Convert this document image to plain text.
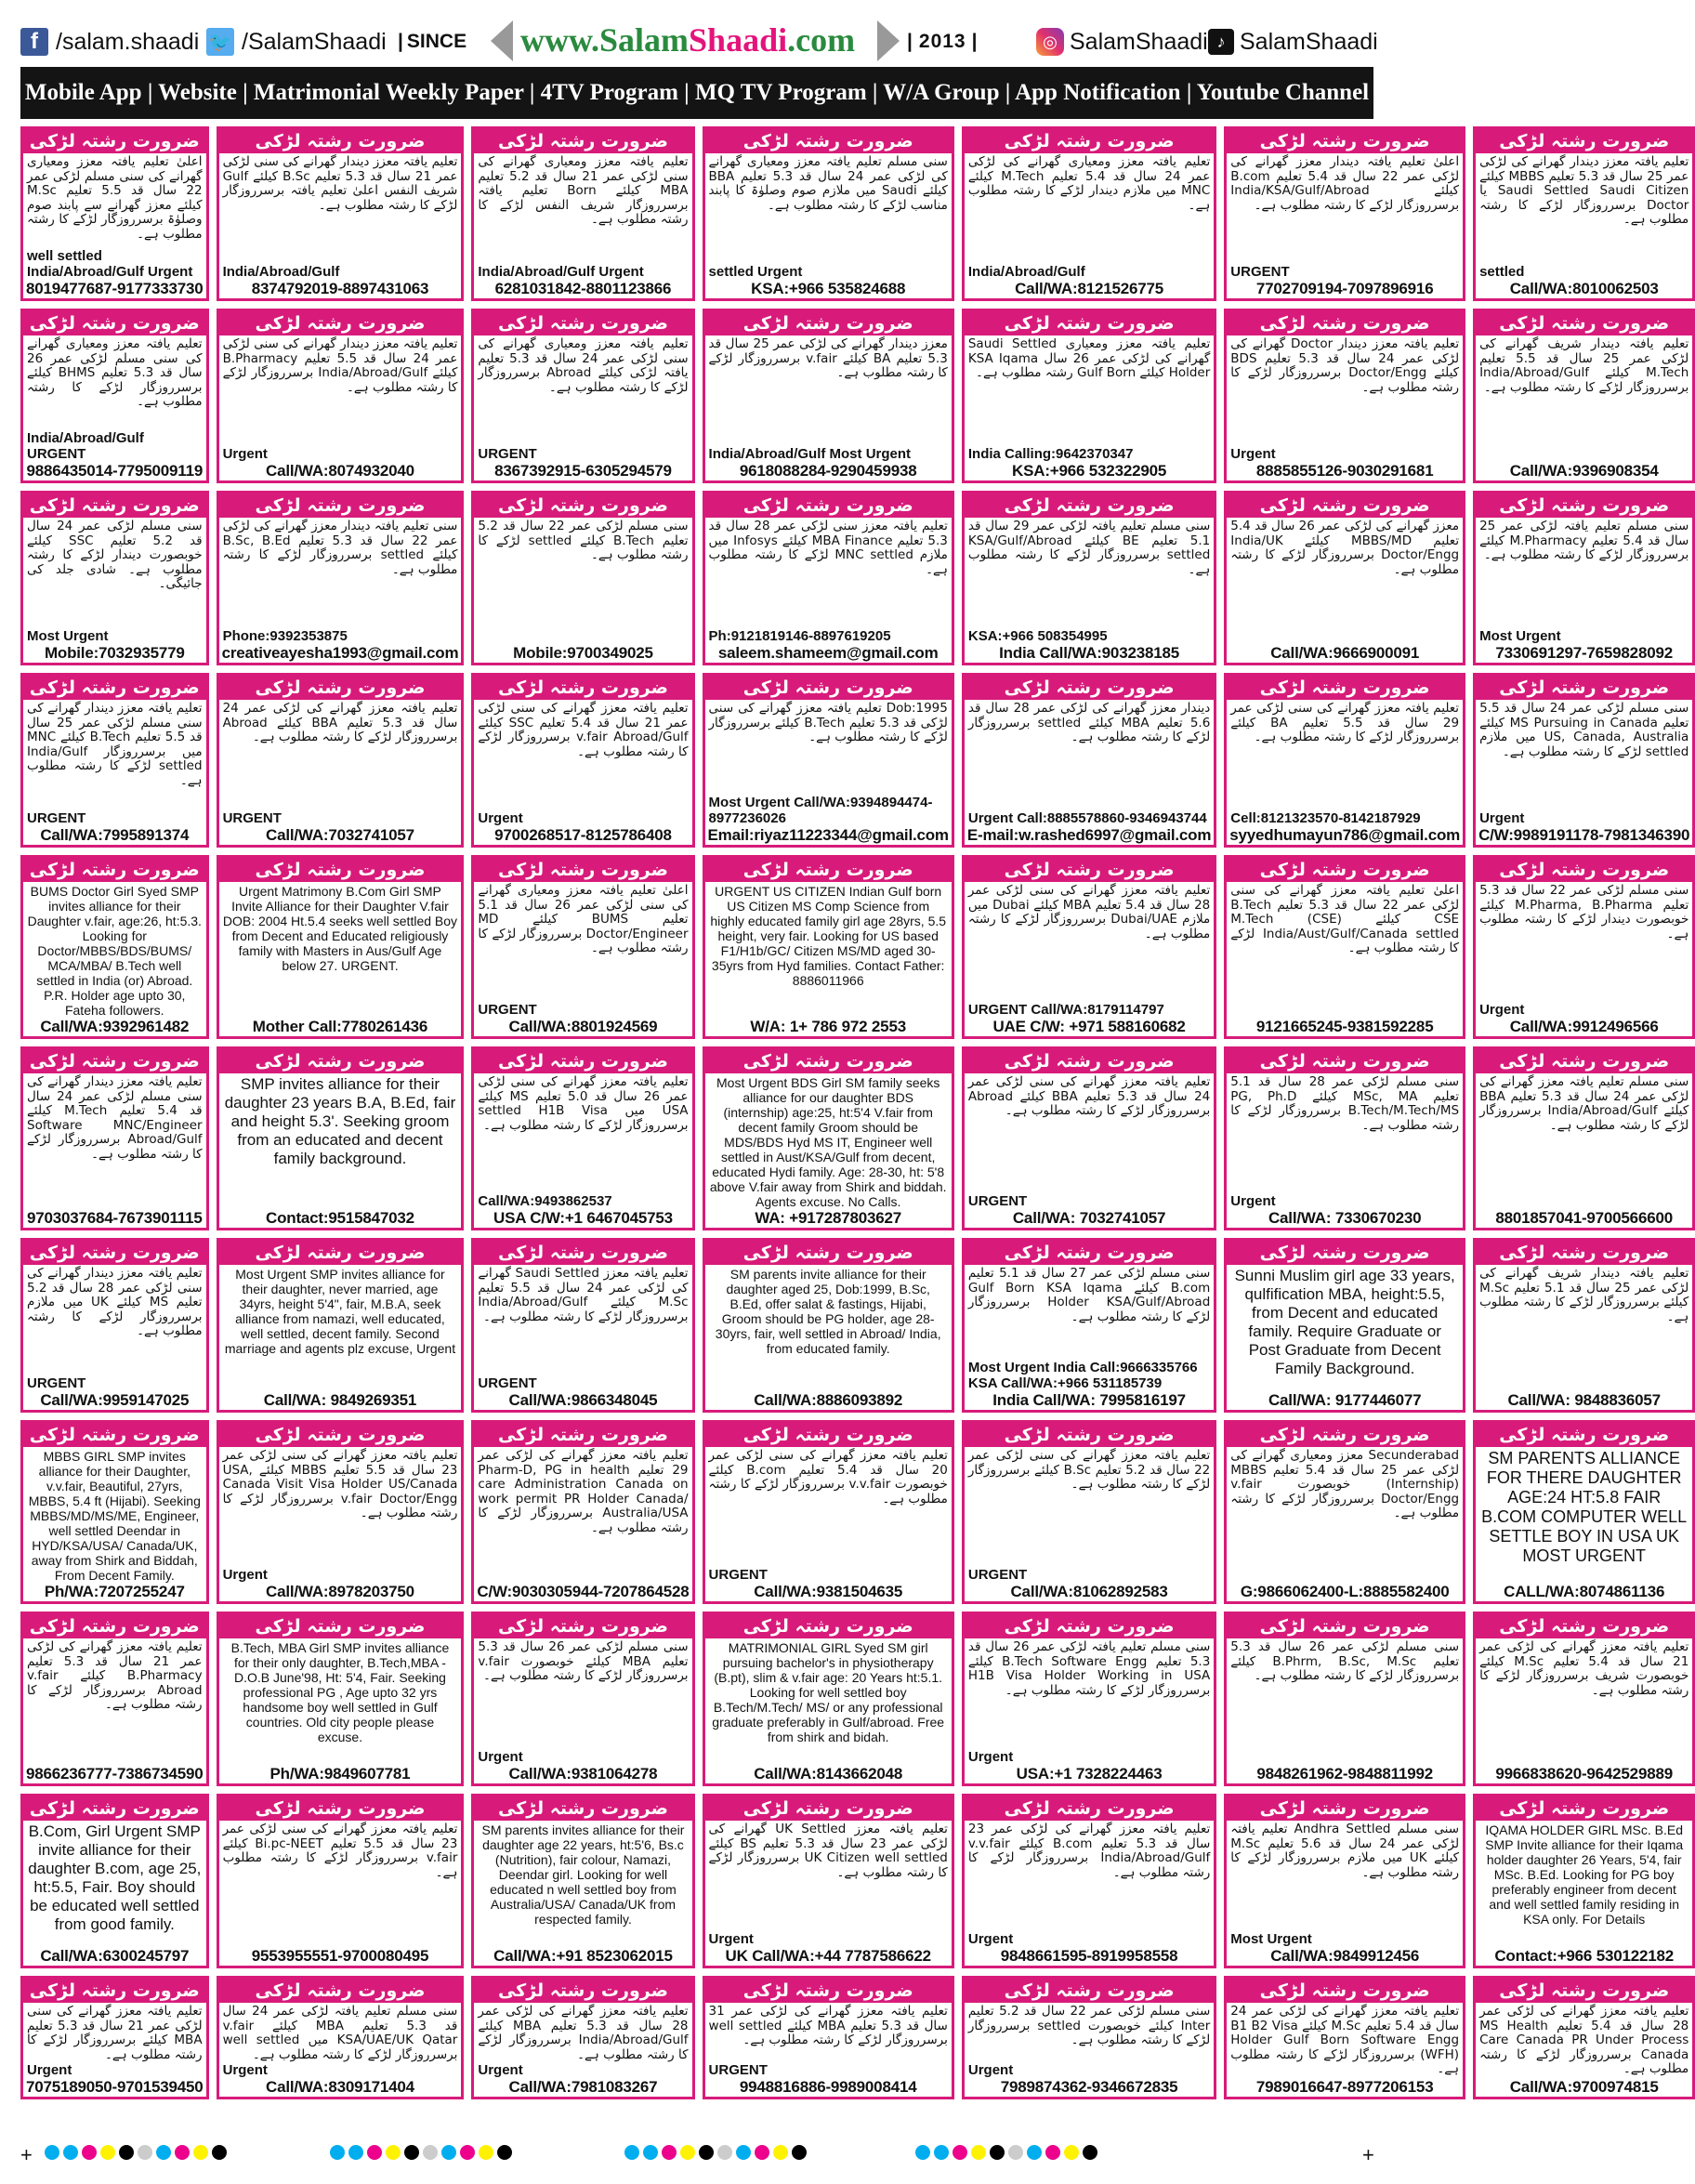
f /salam.shaadi 🐦 /SalamShaadi | SINCE www.SalamShaadi.com	| 2013 |	◎ SalamShaadi ♪ SalamShaadi
Mobile App | Website | Matrimonial Weekly Paper | 4TV Program | MQ TV Program | W/A Group | App Notification | Youtube Channel
ضرورت رشتہ لڑکی
اعلیٰ تعلیم یافتہ معزز ومعیاری گھرانے کی سنی مسلم لڑکی عمر 22 سال قد 5.5 تعلیم M.Sc کیلئے معزز گھرانے سے پابند صوم وصلوٰۃ برسرروزگار لڑکے کا رشتہ مطلوب ہے۔
well settled India/Abroad/Gulf Urgent
8019477687-9177333730
ضرورت رشتہ لڑکی
تعلیم یافتہ معزز دیندار گھرانے کی سنی لڑکی عمر 21 سال قد 5.3 تعلیم B.Sc کیلئے Gulf شریف النفس اعلیٰ تعلیم یافتہ برسرروزگار لڑکے کا رشتہ مطلوب ہے۔
India/Abroad/Gulf
8374792019-8897431063
ضرورت رشتہ لڑکی
تعلیم یافتہ معزز ومعیاری گھرانے کی سنی لڑکی عمر 21 سال قد 5.2 تعلیم MBA کیلئے Born تعلیم یافتہ برسرروزگار شریف النفس لڑکے کا رشتہ مطلوب ہے۔
India/Abroad/Gulf Urgent
6281031842-8801123866
ضرورت رشتہ لڑکی
سنی مسلم تعلیم یافتہ معزز ومعیاری گھرانے کی لڑکی عمر 24 سال قد 5.3 تعلیم BBA کیلئے Saudi میں ملازم صوم وصلوٰۃ کا پابند مناسب لڑکے کا رشتہ مطلوب ہے۔
settled Urgent
KSA:+966 535824688
ضرورت رشتہ لڑکی
تعلیم یافتہ معزز ومعیاری گھرانے کی لڑکی عمر 24 سال قد 5.4 تعلیم M.Tech کیلئے MNC میں ملازم دیندار لڑکے کا رشتہ مطلوب ہے۔
India/Abroad/Gulf
Call/WA:8121526775
ضرورت رشتہ لڑکی
اعلیٰ تعلیم یافتہ دیندار معزز گھرانے کی لڑکی عمر 22 سال قد 5.4 تعلیم B.com کیلئے India/KSA/Gulf/Abroad برسرروزگار لڑکے کا رشتہ مطلوب ہے۔
URGENT
7702709194-7097896916
ضرورت رشتہ لڑکی
تعلیم یافتہ معزز دیندار گھرانے کی لڑکی عمر 25 سال قد 5.3 تعلیم MBBS کیلئے Saudi Settled Saudi Citizen یا Doctor برسرروزگار لڑکے کا رشتہ مطلوب ہے۔
settled
Call/WA:8010062503
ضرورت رشتہ لڑکی
تعلیم یافتہ معزز ومعیاری گھرانے کی سنی مسلم لڑکی عمر 26 سال قد 5.3 تعلیم BHMS کیلئے برسرروزگار لڑکے کا رشتہ مطلوب ہے۔
India/Abroad/Gulf URGENT
9886435014-7795009119
ضرورت رشتہ لڑکی
تعلیم یافتہ معزز دیندار گھرانے کی سنی لڑکی عمر 24 سال قد 5.5 تعلیم B.Pharmacy کیلئے India/Abroad/Gulf برسرروزگار لڑکے کا رشتہ مطلوب ہے۔
Urgent
Call/WA:8074932040
ضرورت رشتہ لڑکی
تعلیم یافتہ معزز ومعیاری گھرانے کی سنی لڑکی عمر 24 سال قد 5.3 تعلیم یافتہ لڑکی کیلئے Abroad برسرروزگار لڑکے کا رشتہ مطلوب ہے۔
URGENT
8367392915-6305294579
ضرورت رشتہ لڑکی
معزز دیندار گھرانے کی لڑکی عمر 25 سال قد 5.3 تعلیم BA کیلئے v.fair برسرروزگار لڑکے کا رشتہ مطلوب ہے۔
India/Abroad/Gulf Most Urgent
9618088284-9290459938
ضرورت رشتہ لڑکی
تعلیم یافتہ معزز ومعیاری Saudi Settled گھرانے کی لڑکی عمر 26 سال KSA Iqama Holder کیلئے Gulf Born رشتہ مطلوب ہے۔
India Calling:9642370347
KSA:+966 532322905
ضرورت رشتہ لڑکی
تعلیم یافتہ معزز دیندار Doctor گھرانے کی لڑکی عمر 24 سال قد 5.3 تعلیم BDS کیلئے Doctor/Engg برسرروزگار لڑکے کا رشتہ مطلوب ہے۔
Urgent
8885855126-9030291681
ضرورت رشتہ لڑکی
تعلیم یافتہ دیندار شریف گھرانے کی لڑکی عمر 25 سال قد 5.5 تعلیم M.Tech کیلئے India/Abroad/Gulf برسرروزگار لڑکے کا رشتہ مطلوب ہے۔
Call/WA:9396908354
ضرورت رشتہ لڑکی
سنی مسلم لڑکی عمر 24 سال قد 5.2 تعلیم SSC کیلئے خوبصورت دیندار لڑکے کا رشتہ مطلوب ہے۔ شادی جلد کی جائیگی۔
Most Urgent
Mobile:7032935779
ضرورت رشتہ لڑکی
سنی تعلیم یافتہ دیندار معزز گھرانے کی لڑکی عمر 22 سال قد 5.3 تعلیم B.Sc, B.Ed کیلئے settled برسرروزگار لڑکے کا رشتہ مطلوب ہے۔
Phone:9392353875
creativeayesha1993@gmail.com
ضرورت رشتہ لڑکی
سنی مسلم لڑکی عمر 22 سال قد 5.2 تعلیم B.Tech کیلئے settled لڑکے کا رشتہ مطلوب ہے۔
Mobile:9700349025
ضرورت رشتہ لڑکی
تعلیم یافتہ معزز سنی لڑکی عمر 28 سال قد 5.3 تعلیم MBA Finance کیلئے Infosys میں ملازم MNC settled لڑکے کا رشتہ مطلوب ہے۔
Ph:9121819146-8897619205
saleem.shameem@gmail.com
ضرورت رشتہ لڑکی
سنی مسلم تعلیم یافتہ لڑکی عمر 29 سال قد 5.1 تعلیم BE کیلئے KSA/Gulf/Abroad settled برسرروزگار لڑکے کا رشتہ مطلوب ہے۔
KSA:+966 508354995
India Call/WA:903238185
ضرورت رشتہ لڑکی
معزز گھرانے کی لڑکی عمر 26 سال قد 5.4 تعلیم MBBS/MD کیلئے India/UK Doctor/Engg برسرروزگار لڑکے کا رشتہ مطلوب ہے۔
Call/WA:9666900091
ضرورت رشتہ لڑکی
سنی مسلم تعلیم یافتہ لڑکی عمر 25 سال قد 5.4 تعلیم M.Pharmacy کیلئے برسرروزگار لڑکے کا رشتہ مطلوب ہے۔
Most Urgent
7330691297-7659828092
ضرورت رشتہ لڑکی
تعلیم یافتہ معزز دیندار گھرانے کی سنی مسلم لڑکی عمر 25 سال قد 5.5 تعلیم B.Tech کیلئے MNC میں برسرروزگار India/Gulf settled لڑکے کا رشتہ مطلوب ہے۔
URGENT
Call/WA:7995891374
ضرورت رشتہ لڑکی
تعلیم یافتہ معزز گھرانے کی لڑکی عمر 24 سال قد 5.3 تعلیم BBA کیلئے Abroad برسرروزگار لڑکے کا رشتہ مطلوب ہے۔
URGENT
Call/WA:7032741057
ضرورت رشتہ لڑکی
تعلیم یافتہ معزز گھرانے کی سنی لڑکی عمر 21 سال قد 5.4 تعلیم SSC کیلئے v.fair Abroad/Gulf برسرروزگار لڑکے کا رشتہ مطلوب ہے۔
Urgent
9700268517-8125786408
ضرورت رشتہ لڑکی
Dob:1995 تعلیم یافتہ معزز گھرانے کی سنی لڑکی قد 5.3 تعلیم B.Tech کیلئے برسرروزگار لڑکے کا رشتہ مطلوب ہے۔
Most Urgent Call/WA:9394894474-8977236026
Email:riyaz11223344@gmail.com
ضرورت رشتہ لڑکی
دیندار معزز گھرانے کی لڑکی عمر 28 سال قد 5.6 تعلیم MBA کیلئے settled برسرروزگار لڑکے کا رشتہ مطلوب ہے۔
Urgent Call:8885578860-9346943744
E-mail:w.rashed6997@gmail.com
ضرورت رشتہ لڑکی
تعلیم یافتہ معزز گھرانے کی سنی لڑکی عمر 29 سال قد 5.5 تعلیم BA کیلئے برسرروزگار لڑکے کا رشتہ مطلوب ہے۔
Cell:8121323570-8142187929
syyedhumayun786@gmail.com
ضرورت رشتہ لڑکی
سنی مسلم لڑکی عمر 24 سال قد 5.5 تعلیم MS Pursuing in Canada کیلئے US, Canada, Australia میں ملازم settled لڑکے کا رشتہ مطلوب ہے۔
Urgent
C/W:9989191178-7981346390
ضرورت رشتہ لڑکی
BUMS Doctor Girl Syed SMP invites alliance for their Daughter v.fair, age:26, ht:5.3. Looking for Doctor/MBBS/BDS/BUMS/ MCA/MBA/ B.Tech well settled in India (or) Abroad. P.R. Holder age upto 30, Fateha followers.
Call/WA:9392961482
ضرورت رشتہ لڑکی
Urgent Matrimony B.Com Girl SMP Invite Alliance for their Daughter V.fair DOB: 2004 Ht.5.4 seeks well settled Boy from Decent and Educated religiously family with Masters in Aus/Gulf Age below 27. URGENT.
Mother Call:7780261436
ضرورت رشتہ لڑکی
اعلیٰ تعلیم یافتہ معزز ومعیاری گھرانے کی سنی لڑکی عمر 26 سال قد 5.1 تعلیم BUMS کیلئے MD Doctor/Engineer برسرروزگار لڑکے کا رشتہ مطلوب ہے۔
URGENT
Call/WA:8801924569
ضرورت رشتہ لڑکی
URGENT US CITIZEN Indian Gulf born US Citizen MS Comp Science from highly educated family girl age 28yrs, 5.5 height, very fair. Looking for US based F1/H1b/GC/ Citizen MS/MD aged 30-35yrs from Hyd families. Contact Father: 8886011966
W/A: 1+ 786 972 2553
ضرورت رشتہ لڑکی
تعلیم یافتہ معزز گھرانے کی سنی لڑکی عمر 28 سال قد 5.4 تعلیم MBA کیلئے Dubai میں ملازم Dubai/UAE برسرروزگار لڑکے کا رشتہ مطلوب ہے۔
URGENT Call/WA:8179114797
UAE C/W: +971 588160682
ضرورت رشتہ لڑکی
اعلیٰ تعلیم یافتہ معزز گھرانے کی سنی لڑکی عمر 22 سال قد 5.3 تعلیم B.Tech CSE کیلئے M.Tech (CSE) India/Aust/Gulf/Canada settled لڑکے کا رشتہ مطلوب ہے۔
9121665245-9381592285
ضرورت رشتہ لڑکی
سنی مسلم لڑکی عمر 22 سال قد 5.3 تعلیم M.Pharma, B.Pharma کیلئے خوبصورت دیندار لڑکے کا رشتہ مطلوب ہے۔
Urgent
Call/WA:9912496566
ضرورت رشتہ لڑکی
تعلیم یافتہ معزز دیندار گھرانے کی سنی مسلم لڑکی عمر 24 سال قد 5.4 تعلیم M.Tech کیلئے Software MNC/Engineer Abroad/Gulf برسرروزگار لڑکے کا رشتہ مطلوب ہے۔
9703037684-7673901115
ضرورت رشتہ لڑکی
SMP invites alliance for their daughter 23 years B.A, B.Ed, fair and height 5.3'. Seeking groom from an educated and decent family background.
Contact:9515847032
ضرورت رشتہ لڑکی
تعلیم یافتہ معزز گھرانے کی سنی لڑکی عمر 26 سال قد 5.0 تعلیم MS کیلئے USA میں settled H1B Visa برسرروزگار لڑکے کا رشتہ مطلوب ہے۔
Call/WA:9493862537
USA C/W:+1 6467045753
ضرورت رشتہ لڑکی
Most Urgent BDS Girl SM family seeks alliance for our daughter BDS (internship) age:25, ht:5'4 V.fair from decent family Groom should be MDS/BDS Hyd MS IT, Engineer well settled in Aust/KSA/Gulf from decent, educated Hydi family. Age: 28-30, ht: 5'8 above V.fair away from Shirk and biddah. Agents excuse. No Calls.
WA: +917287803627
ضرورت رشتہ لڑکی
تعلیم یافتہ معزز گھرانے کی سنی لڑکی عمر 24 سال قد 5.3 تعلیم BBA کیلئے Abroad برسرروزگار لڑکے کا رشتہ مطلوب ہے۔
URGENT
Call/WA: 7032741057
ضرورت رشتہ لڑکی
سنی مسلم لڑکی عمر 28 سال قد 5.1 تعلیم MSc, MA کیلئے PG, Ph.D B.Tech/M.Tech/MS برسرروزگار لڑکے کا رشتہ مطلوب ہے۔
Urgent
Call/WA: 7330670230
ضرورت رشتہ لڑکی
سنی مسلم تعلیم یافتہ معزز گھرانے کی لڑکی عمر 24 سال قد 5.3 تعلیم BBA کیلئے India/Abroad/Gulf برسرروزگار لڑکے کا رشتہ مطلوب ہے۔
8801857041-9700566600
ضرورت رشتہ لڑکی
تعلیم یافتہ معزز دیندار گھرانے کی سنی لڑکی عمر 28 سال قد 5.2 تعلیم MS کیلئے UK میں ملازم برسرروزگار لڑکے کا رشتہ مطلوب ہے۔
URGENT
Call/WA:9959147025
ضرورت رشتہ لڑکی
Most Urgent SMP invites alliance for their daughter, never married, age 34yrs, height 5'4", fair, M.B.A, seek alliance from namazi, well educated, well settled, decent family. Second marriage and agents plz excuse, Urgent
Call/WA: 9849269351
ضرورت رشتہ لڑکی
تعلیم یافتہ معزز Saudi Settled گھرانے کی لڑکی عمر 24 سال قد 5.5 تعلیم M.Sc کیلئے India/Abroad/Gulf برسرروزگار لڑکے کا رشتہ مطلوب ہے۔
URGENT
Call/WA:9866348045
ضرورت رشتہ لڑکی
SM parents invite alliance for their daughter aged 25, Dob:1999, B.Sc, B.Ed, offer salat & fastings, Hijabi, Groom should be PG holder, age 28-30yrs, fair, well settled in Abroad/ India, from educated family.
Call/WA:8886093892
ضرورت رشتہ لڑکی
سنی مسلم لڑکی عمر 27 سال قد 5.1 تعلیم B.com کیلئے Gulf Born KSA Iqama Holder KSA/Gulf/Abroad برسرروزگار لڑکے کا رشتہ مطلوب ہے۔
Most Urgent India Call:9666335766 KSA Call/WA:+966 531185739
India Call/WA: 7995816197
ضرورت رشتہ لڑکی
Sunni Muslim girl age 33 years, qulfification MBA, height:5.5, from Decent and educated family. Require Graduate or Post Graduate from Decent Family Background.
Call/WA: 9177446077
ضرورت رشتہ لڑکی
تعلیم یافتہ دیندار شریف گھرانے کی لڑکی عمر 25 سال قد 5.1 تعلیم M.Sc کیلئے برسرروزگار لڑکے کا رشتہ مطلوب ہے۔
Call/WA: 9848836057
ضرورت رشتہ لڑکی
MBBS GIRL SMP invites alliance for their Daughter, v.v.fair, Beautiful, 27yrs, MBBS, 5.4 ft (Hijabi). Seeking MBBS/MD/MS/ME, Engineer, well settled Deendar in HYD/KSA/USA/ Canada/UK, away from Shirk and Biddah, From Decent Family.
Ph/WA:7207255247
ضرورت رشتہ لڑکی
تعلیم یافتہ معزز گھرانے کی سنی لڑکی عمر 23 سال قد 5.5 تعلیم MBBS کیلئے USA, Canada Visit Visa Holder US/Canada v.fair Doctor/Engg برسرروزگار لڑکے کا رشتہ مطلوب ہے۔
Urgent
Call/WA:8978203750
ضرورت رشتہ لڑکی
تعلیم یافتہ معزز گھرانے کی لڑکی عمر 29 تعلیم Pharm-D, PG in health care Administration Canada on work permit PR Holder Canada/ Australia/USA برسرروزگار لڑکے کا رشتہ مطلوب ہے۔
C/W:9030305944-7207864528
ضرورت رشتہ لڑکی
تعلیم یافتہ معزز گھرانے کی سنی لڑکی عمر 20 سال قد 5.4 تعلیم B.com کیلئے خوبصورت v.v.fair برسرروزگار لڑکے کا رشتہ مطلوب ہے۔
URGENT
Call/WA:9381504635
ضرورت رشتہ لڑکی
تعلیم یافتہ معزز گھرانے کی سنی لڑکی عمر 22 سال قد 5.2 تعلیم B.Sc کیلئے برسرروزگار لڑکے کا رشتہ مطلوب ہے۔
URGENT
Call/WA:81062892583
ضرورت رشتہ لڑکی
Secunderabad معزز ومعیاری گھرانے کی لڑکی عمر 25 سال قد 5.4 تعلیم MBBS (Internship) خوبصورت v.fair Doctor/Engg برسرروزگار لڑکے کا رشتہ مطلوب ہے۔
G:9866062400-L:8885582400
ضرورت رشتہ لڑکی
SM PARENTS ALLIANCE FOR THERE DAUGHTER AGE:24 HT:5.8 FAIR B.COM COMPUTER WELL SETTLE BOY IN USA UK MOST URGENT
CALL/WA:8074861136
ضرورت رشتہ لڑکی
تعلیم یافتہ معزز گھرانے کی لڑکی عمر 21 سال قد 5.3 تعلیم B.Pharmacy کیلئے v.fair Abroad برسرروزگار لڑکے کا رشتہ مطلوب ہے۔
9866236777-7386734590
ضرورت رشتہ لڑکی
B.Tech, MBA Girl SMP invites alliance for their only daughter, B.Tech,MBA -D.O.B June'98, Ht: 5'4, Fair. Seeking professional PG , Age upto 32 yrs handsome boy well settled in Gulf countries. Old city people please excuse.
Ph/WA:9849607781
ضرورت رشتہ لڑکی
سنی مسلم لڑکی عمر 26 سال قد 5.3 تعلیم MBA کیلئے خوبصورت v.fair برسرروزگار لڑکے کا رشتہ مطلوب ہے۔
Urgent
Call/WA:9381064278
ضرورت رشتہ لڑکی
MATRIMONIAL GIRL Syed SM girl pursuing bachelor's in physiotherapy (B.pt), slim & v.fair age: 20 Years ht:5.1. Looking for well settled boy B.Tech/M.Tech/ MS/ or any professional graduate preferably in Gulf/abroad. Free from shirk and bidah.
Call/WA:8143662048
ضرورت رشتہ لڑکی
سنی مسلم تعلیم یافتہ لڑکی عمر 26 سال قد 5.3 تعلیم B.Tech Software Engg کیلئے H1B Visa Holder Working in USA برسرروزگار لڑکے کا رشتہ مطلوب ہے۔
Urgent
USA:+1 7328224463
ضرورت رشتہ لڑکی
سنی مسلم لڑکی عمر 26 سال قد 5.3 تعلیم B.Phrm, B.Sc, M.Sc کیلئے برسرروزگار لڑکے کا رشتہ مطلوب ہے۔
9848261962-9848811992
ضرورت رشتہ لڑکی
تعلیم یافتہ معزز گھرانے کی لڑکی عمر 21 سال قد 5.4 تعلیم M.Sc کیلئے خوبصورت شریف برسرروزگار لڑکے کا رشتہ مطلوب ہے۔
9966838620-9642529889
ضرورت رشتہ لڑکی
B.Com, Girl Urgent SMP invite alliance for their daughter B.com, age 25, ht:5.5, Fair. Boy should be educated well settled from good family.
Call/WA:6300245797
ضرورت رشتہ لڑکی
تعلیم یافتہ معزز گھرانے کی سنی لڑکی عمر 23 سال قد 5.5 تعلیم Bi.pc-NEET کیلئے v.fair برسرروزگار لڑکے کا رشتہ مطلوب ہے۔
9553955551-9700080495
ضرورت رشتہ لڑکی
SM parents invites alliance for their daughter age 22 years, ht:5'6, Bs.c (Nutrition), fair colour, Namazi, Deendar girl. Looking for well educated n well settled boy from Australia/USA/ Canada/UK from respected family.
Call/WA:+91 8523062015
ضرورت رشتہ لڑکی
تعلیم یافتہ معزز UK Settled گھرانے کی لڑکی عمر 23 سال قد 5.3 تعلیم BS کیلئے UK Citizen well settled برسرروزگار لڑکے کا رشتہ مطلوب ہے۔
Urgent
UK Call/WA:+44 7787586622
ضرورت رشتہ لڑکی
تعلیم یافتہ معزز گھرانے کی لڑکی عمر 23 سال قد 5.3 تعلیم B.com کیلئے v.v.fair India/Abroad/Gulf برسرروزگار لڑکے کا رشتہ مطلوب ہے۔
Urgent
9848661595-8919958558
ضرورت رشتہ لڑکی
سنی مسلم Andhra Settled تعلیم یافتہ لڑکی عمر 24 سال قد 5.6 تعلیم M.Sc کیلئے UK میں ملازم برسرروزگار لڑکے کا رشتہ مطلوب ہے۔
Most Urgent
Call/WA:9849912456
ضرورت رشتہ لڑکی
IQAMA HOLDER GIRL MSc. B.Ed SMP Invite alliance for their Iqama holder daughter 26 Years, 5'4, fair MSc. B.Ed. Looking for PG boy preferably engineer from decent and well settled family residing in KSA only. For Details
Contact:+966 530122182
ضرورت رشتہ لڑکی
تعلیم یافتہ معزز گھرانے کی سنی لڑکی عمر 21 سال قد 5.3 تعلیم MBA کیلئے برسرروزگار لڑکے کا رشتہ مطلوب ہے۔
Urgent
7075189050-9701539450
ضرورت رشتہ لڑکی
سنی مسلم تعلیم یافتہ لڑکی عمر 24 سال قد 5.3 تعلیم MBA کیلئے v.fair KSA/UAE/UK Qatar میں well settled برسرروزگار لڑکے کا رشتہ مطلوب ہے۔
Urgent
Call/WA:8309171404
ضرورت رشتہ لڑکی
تعلیم یافتہ معزز گھرانے کی لڑکی عمر 28 سال قد 5.3 تعلیم MBA کیلئے India/Abroad/Gulf برسرروزگار لڑکے کا رشتہ مطلوب ہے۔
Urgent
Call/WA:7981083267
ضرورت رشتہ لڑکی
تعلیم یافتہ معزز گھرانے کی لڑکی عمر 31 سال قد 5.3 تعلیم MBA کیلئے well settled برسرروزگار لڑکے کا رشتہ مطلوب ہے۔
URGENT
9948816886-9989008414
ضرورت رشتہ لڑکی
سنی مسلم لڑکی عمر 22 سال قد 5.2 تعلیم Inter کیلئے خوبصورت settled برسرروزگار لڑکے کا رشتہ مطلوب ہے۔
Urgent
7989874362-9346672835
ضرورت رشتہ لڑکی
تعلیم یافتہ معزز گھرانے کی لڑکی عمر 24 سال قد 5.4 تعلیم M.Sc کیلئے B1 B2 Visa Holder Gulf Born Software Engg (WFH) برسرروزگار لڑکے کا رشتہ مطلوب ہے۔
7989016647-8977206153
ضرورت رشتہ لڑکی
تعلیم یافتہ معزز گھرانے کی لڑکی عمر 28 سال قد 5.4 تعلیم MS Health Care Canada PR Under Process Canada برسرروزگار لڑکے کا رشتہ مطلوب ہے۔
Call/WA:9700974815
+	+
